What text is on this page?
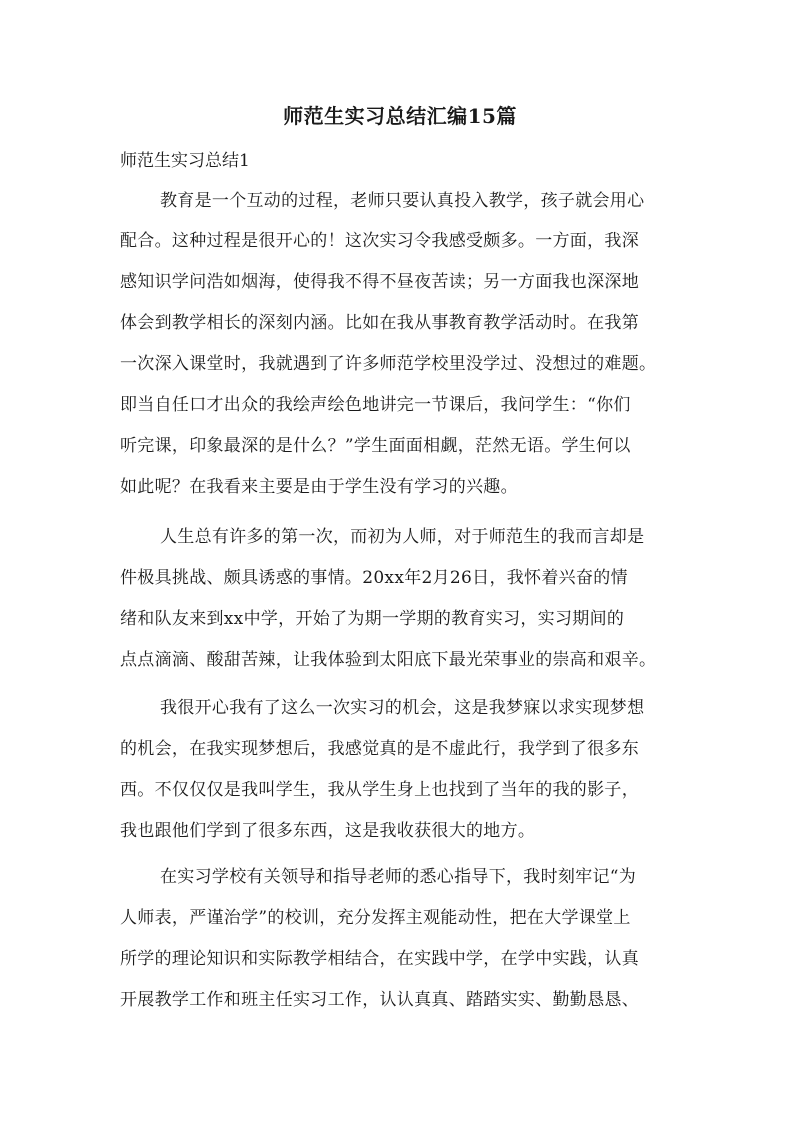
师范生实习总结汇编15篇
师范生实习总结1
教育是一个互动的过程，老师只要认真投入教学，孩子就会用心
配合。这种过程是很开心的！这次实习令我感受颇多。一方面，我深
感知识学问浩如烟海，使得我不得不昼夜苦读；另一方面我也深深地
体会到教学相长的深刻内涵。比如在我从事教育教学活动时。在我第
一次深入课堂时，我就遇到了许多师范学校里没学过、没想过的难题。
即当自任口才出众的我绘声绘色地讲完一节课后，我问学生：“你们
听完课，印象最深的是什么？”学生面面相觑，茫然无语。学生何以
如此呢？在我看来主要是由于学生没有学习的兴趣。
人生总有许多的第一次，而初为人师，对于师范生的我而言却是
件极具挑战、颇具诱惑的事情。20xx年2月26日，我怀着兴奋的情
绪和队友来到xx中学，开始了为期一学期的教育实习，实习期间的
点点滴滴、酸甜苦辣，让我体验到太阳底下最光荣事业的崇高和艰辛。
我很开心我有了这么一次实习的机会，这是我梦寐以求实现梦想
的机会，在我实现梦想后，我感觉真的是不虚此行，我学到了很多东
西。不仅仅仅是我叫学生，我从学生身上也找到了当年的我的影子，
我也跟他们学到了很多东西，这是我收获很大的地方。
在实习学校有关领导和指导老师的悉心指导下，我时刻牢记“为
人师表，严谨治学”的校训，充分发挥主观能动性，把在大学课堂上
所学的理论知识和实际教学相结合，在实践中学，在学中实践，认真
开展教学工作和班主任实习工作，认认真真、踏踏实实、勤勤恳恳、
